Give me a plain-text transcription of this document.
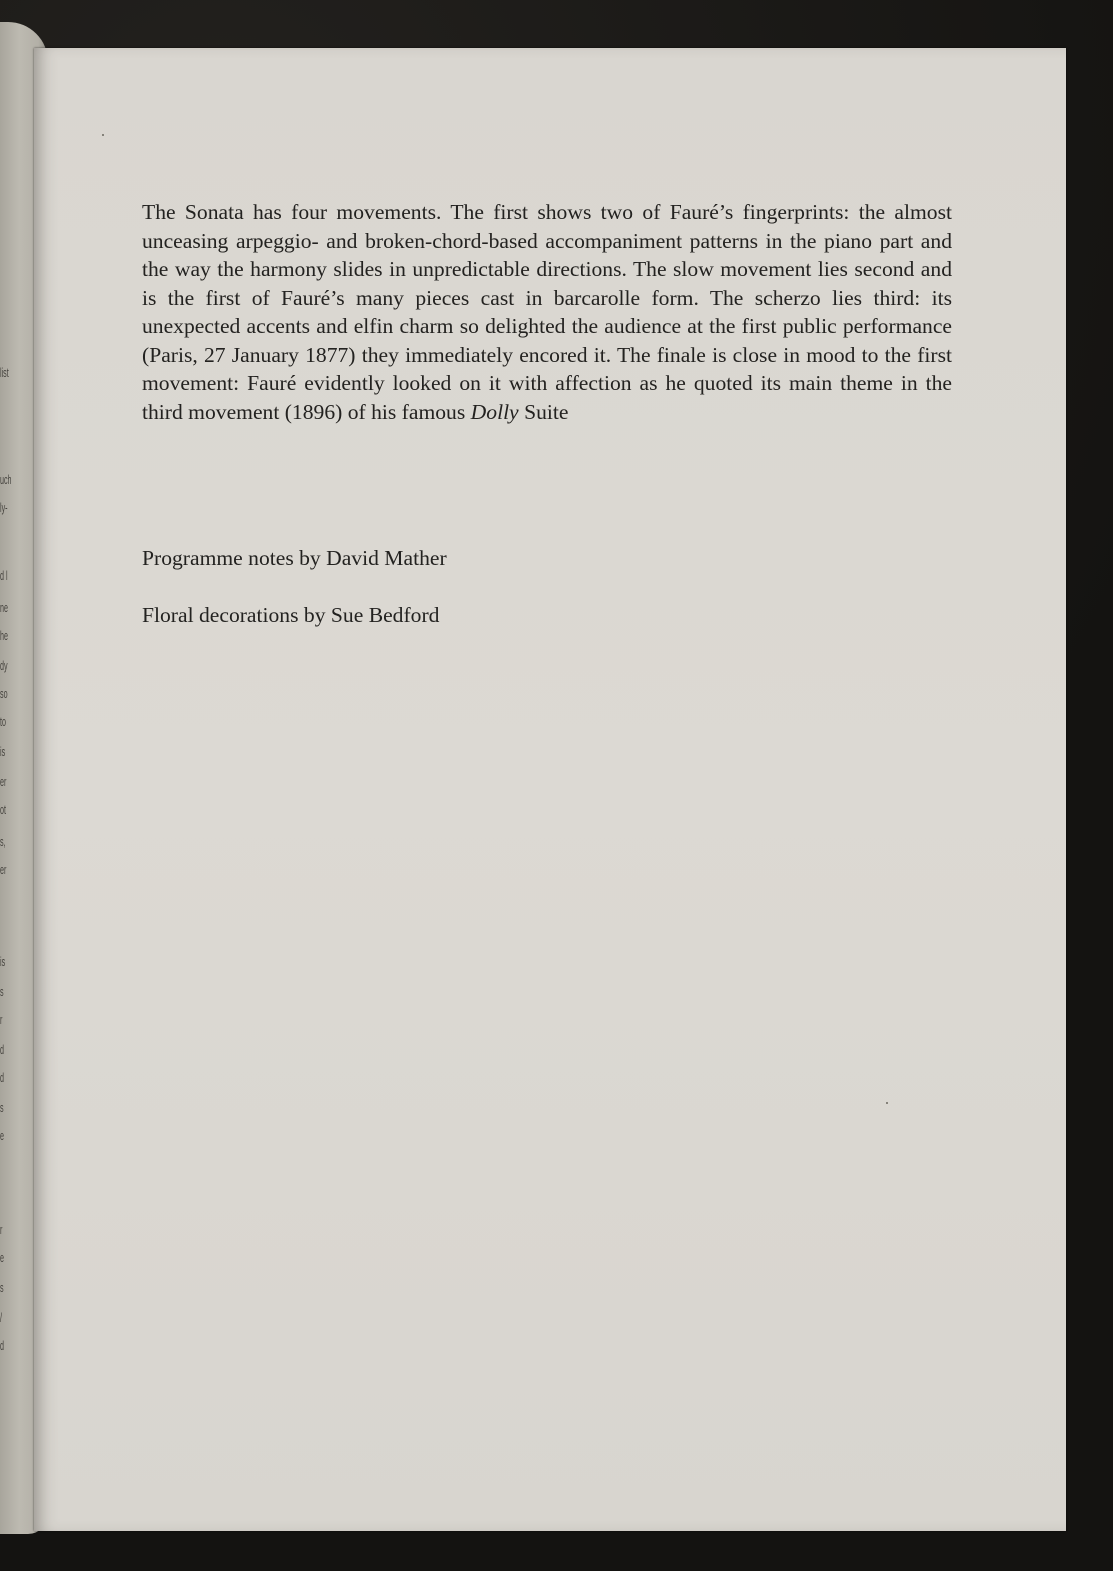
list
uch
ly-
d l
ne
he
dy
so
to
is
er
ot
s,
er
is
s
r
d
d
s
e
r
e
s
/
d

The Sonata has four movements. The first shows two of Fauré’s fingerprints: the almost unceasing arpeggio- and broken-chord-based accompaniment patterns in the piano part and the way the harmony slides in unpredictable directions. The slow movement lies second and is the first of Fauré’s many pieces cast in barcarolle form. The scherzo lies third: its unexpected accents and elfin charm so delighted the audience at the first public performance (Paris, 27 January 1877) they immediately encored it. The finale is close in mood to the first movement: Fauré evidently looked on it with affection as he quoted its main theme in the third movement (1896) of his famous Dolly Suite

Programme notes by David Mather

Floral decorations by Sue Bedford
